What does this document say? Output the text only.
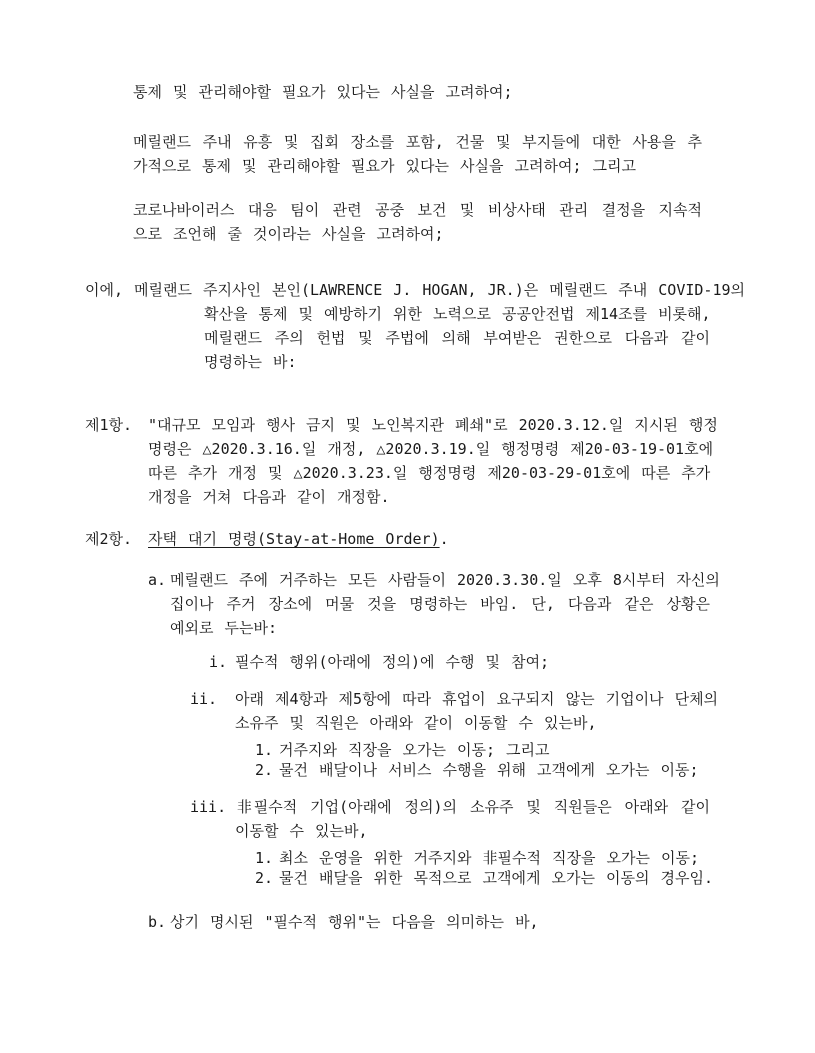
통제 및 관리해야할 필요가 있다는 사실을 고려하여;
메릴랜드 주내 유흥 및 집회 장소를 포함, 건물 및 부지들에 대한 사용을 추
가적으로 통제 및 관리해야할 필요가 있다는 사실을 고려하여; 그리고
코로나바이러스 대응 팀이 관련 공중 보건 및 비상사태 관리 결정을 지속적
으로 조언해 줄 것이라는 사실을 고려하여;
이에, 메릴랜드 주지사인 본인(LAWRENCE J. HOGAN, JR.)은 메릴랜드 주내 COVID-19의
확산을 통제 및 예방하기 위한 노력으로 공공안전법 제14조를 비롯해,
메릴랜드 주의 헌법 및 주법에 의해 부여받은 권한으로 다음과 같이
명령하는 바:
제1항. "대규모 모임과 행사 금지 및 노인복지관 폐쇄"로 2020.3.12.일 지시된 행정
명령은 △2020.3.16.일 개정, △2020.3.19.일 행정명령 제20-03-19-01호에
따른 추가 개정 및 △2020.3.23.일 행정명령 제20-03-29-01호에 따른 추가
개정을 거쳐 다음과 같이 개정함.
제2항. 자택 대기 명령(Stay-at-Home Order).
a. 메릴랜드 주에 거주하는 모든 사람들이 2020.3.30.일 오후 8시부터 자신의
집이나 주거 장소에 머물 것을 명령하는 바임. 단, 다음과 같은 상황은
예외로 두는바:
i. 필수적 행위(아래에 정의)에 수행 및 참여;
ii. 아래 제4항과 제5항에 따라 휴업이 요구되지 않는 기업이나 단체의
소유주 및 직원은 아래와 같이 이동할 수 있는바,
1. 거주지와 직장을 오가는 이동; 그리고
2. 물건 배달이나 서비스 수행을 위해 고객에게 오가는 이동;
iii. 非필수적 기업(아래에 정의)의 소유주 및 직원들은 아래와 같이
이동할 수 있는바,
1. 최소 운영을 위한 거주지와 非필수적 직장을 오가는 이동;
2. 물건 배달을 위한 목적으로 고객에게 오가는 이동의 경우임.
b. 상기 명시된 "필수적 행위"는 다음을 의미하는 바,
